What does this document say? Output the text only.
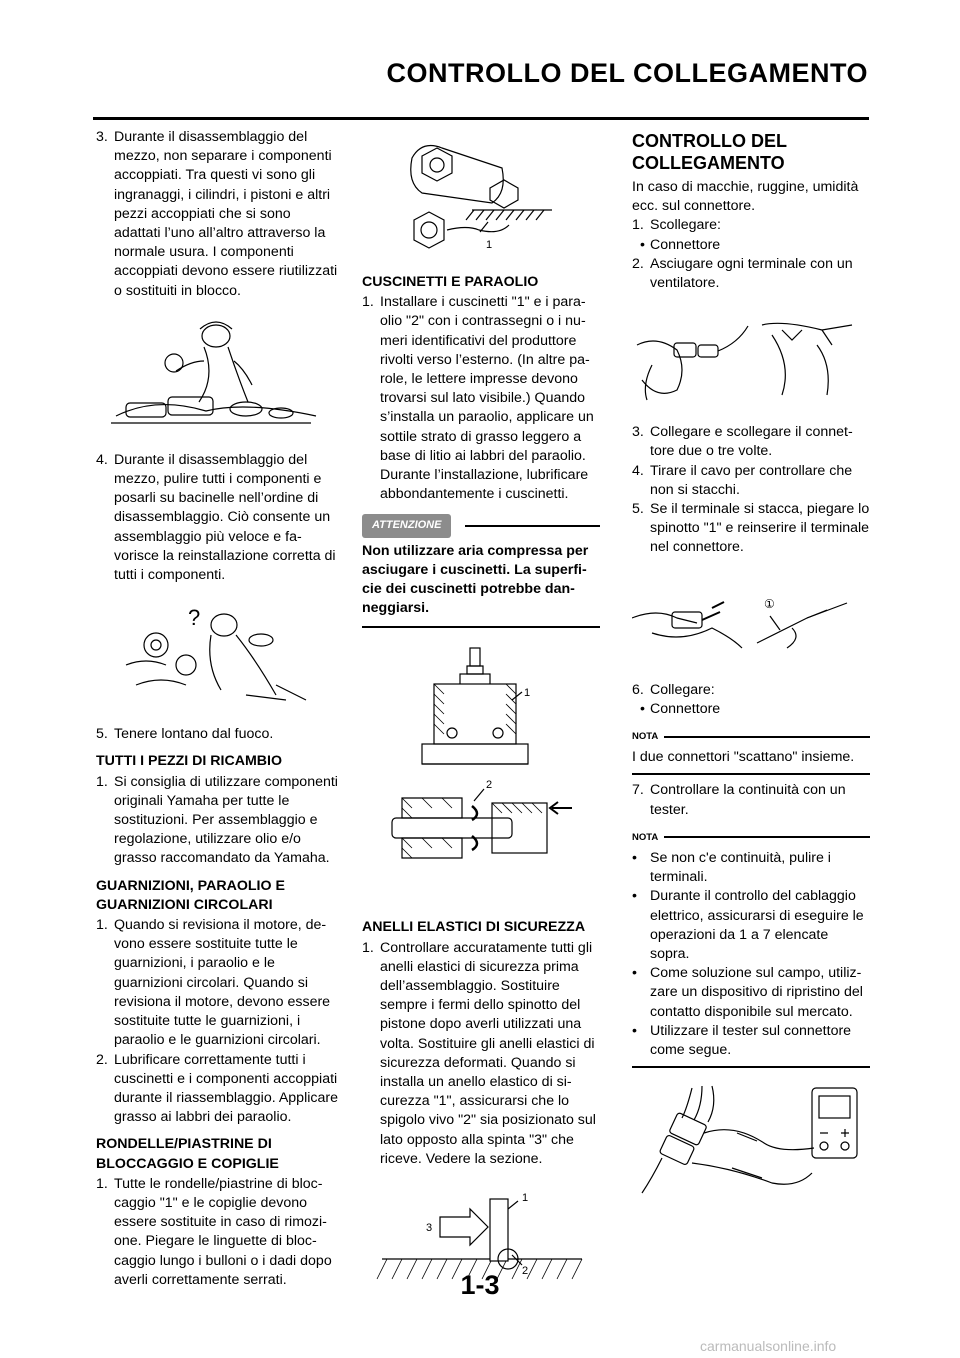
CONTROLLO DEL COLLEGAMENTO
3. Durante il disassemblaggio del mezzo, non separare i componenti accoppiati. Tra questi vi sono gli ingranaggi, i cilindri, i pistoni e altri pezzi accoppiati che si sono adattati l’uno all’altro attraverso la normale usura. I componenti accoppiati devono essere riutilizzati o sostituiti in blocco.
4. Durante il disassemblaggio del mezzo, pulire tutti i componenti e posarli su bacinelle nell’ordine di disassemblaggio. Ciò consente un assemblaggio più veloce e favorisce la reinstallazione corretta di tutti i componenti.
?
5. Tenere lontano dal fuoco.
TUTTI I PEZZI DI RICAMBIO
1. Si consiglia di utilizzare componenti originali Yamaha per tutte le sostituzioni. Per assemblaggio e regolazione, utilizzare olio e/o grasso raccomandato da Yamaha.
GUARNIZIONI, PARAOLIO E GUARNIZIONI CIRCOLARI
1. Quando si revisiona il motore, devono essere sostituite tutte le guarnizioni, i paraolio e le guarnizioni circolari. Quando si revisiona il motore, devono essere sostituite tutte le guarnizioni, i paraolio e le guarnizioni circolari.
2. Lubrificare correttamente tutti i cuscinetti e i componenti accoppiati durante il riassemblaggio. Applicare grasso ai labbri dei paraolio.
RONDELLE/PIASTRINE DI BLOCCAGGIO E COPIGLIE
1. Tutte le rondelle/piastrine di bloccaggio "1" e le copiglie devono essere sostituite in caso di rimozione. Piegare le linguette di bloccaggio lungo i bulloni o i dadi dopo averli correttamente serrati.
1
CUSCINETTI E PARAOLIO
1. Installare i cuscinetti "1" e i paraolio "2" con i contrassegni o i numeri identificativi del produttore rivolti verso l’esterno. (In altre parole, le lettere impresse devono trovarsi sul lato visibile.) Quando s’installa un paraolio, applicare un sottile strato di grasso leggero a base di litio ai labbri del paraolio. Durante l’installazione, lubrificare abbondantemente i cuscinetti.
ATTENZIONE

Non utilizzare aria compressa per asciugare i cuscinetti. La superficie dei cuscinetti potrebbe danneggiarsi.

1
2
ANELLI ELASTICI DI SICUREZZA
1. Controllare accuratamente tutti gli anelli elastici di sicurezza prima dell’assemblaggio. Sostituire sempre i fermi dello spinotto del pistone dopo averli utilizzati una volta. Sostituire gli anelli elastici di sicurezza deformati. Quando si installa un anello elastico di sicurezza "1", assicurarsi che lo spigolo vivo "2" sia posizionato sul lato opposto alla spinta "3" che riceve. Vedere la sezione.
1
2
3
CONTROLLO DEL COLLEGAMENTO

In caso di macchie, ruggine, umidità ecc. sul connettore.

1. Scollegare:
• Connettore
2. Asciugare ogni terminale con un ventilatore.
3. Collegare e scollegare il connettore due o tre volte.
4. Tirare il cavo per controllare che non si stacchi.
5. Se il terminale si stacca, piegare lo spinotto "1" e reinserire il terminale nel connettore.
①
6. Collegare:
• Connettore
NOTA

I due connettori "scattano" insieme.

7. Controllare la continuità con un tester.
NOTA
• Se non c'e continuità, pulire i terminali.
• Durante il controllo del cablaggio elettrico, assicurarsi di eseguire le operazioni da 1 a 7 elencate sopra.
• Come soluzione sul campo, utilizzare un dispositivo di ripristino del contatto disponibile sul mercato.
• Utilizzare il tester sul connettore come segue.
1-3
carmanualsonline.info
